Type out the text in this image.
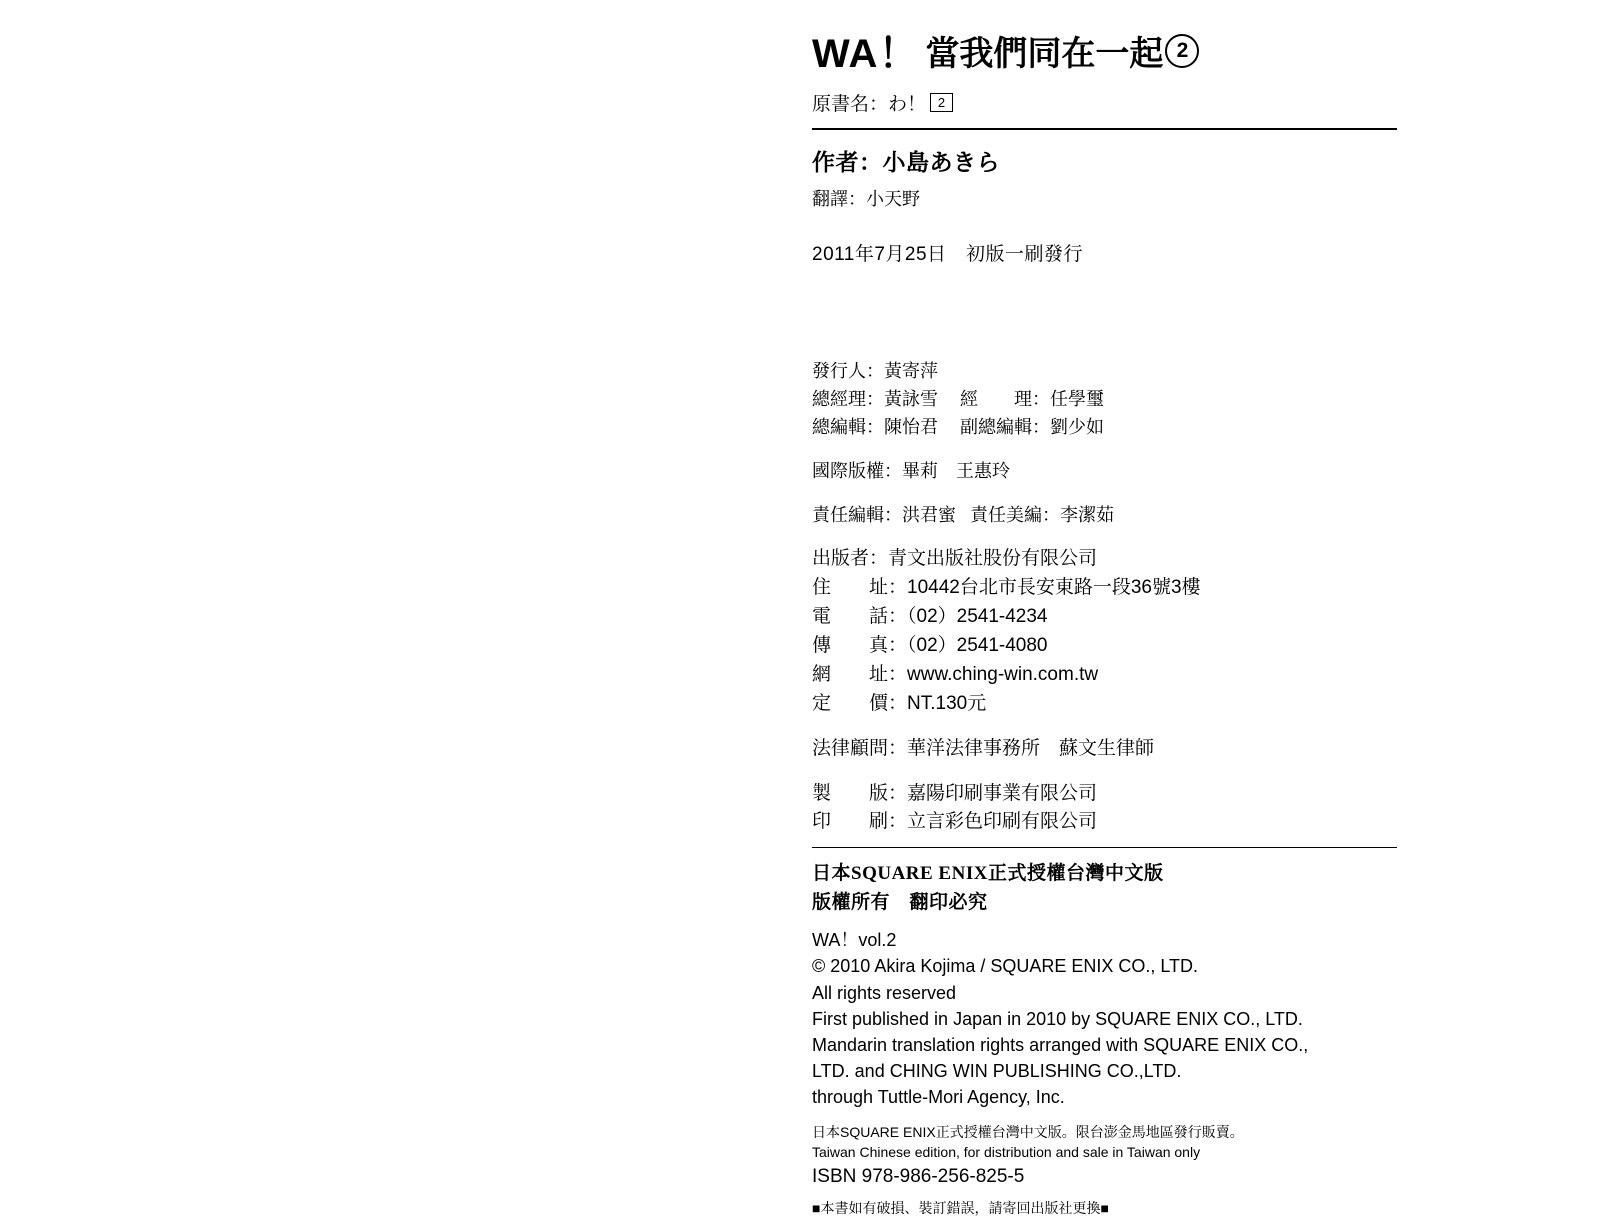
WA！ 當我們同在一起 2
原書名：わ！ 2
作者：小島あきら
翻譯：小天野
2011年7月25日　初版一刷發行
發行人：黃寄萍
總經理：黃詠雪 經　　理：任學璽
總編輯：陳怡君 副總編輯：劉少如
國際版權：畢莉　王惠玲
責任編輯：洪君蜜 責任美編：李潔茹
出版者：青文出版社股份有限公司
住　　址：10442台北市長安東路一段36號3樓
電　　話：（02）2541-4234
傳　　真：（02）2541-4080
網　　址：www.ching-win.com.tw
定　　價：NT.130元
法律顧問：華洋法律事務所　蘇文生律師
製　　版：嘉陽印刷事業有限公司
印　　刷：立言彩色印刷有限公司
日本SQUARE ENIX正式授權台灣中文版
版權所有　翻印必究
WA！vol.2
© 2010 Akira Kojima / SQUARE ENIX CO., LTD.
All rights reserved
First published in Japan in 2010 by SQUARE ENIX CO., LTD.
Mandarin translation rights arranged with SQUARE ENIX CO.,
LTD. and CHING WIN PUBLISHING CO.,LTD.
through Tuttle-Mori Agency, Inc.
日本SQUARE ENIX正式授權台灣中文版。限台澎金馬地區發行販賣。
Taiwan Chinese edition, for distribution and sale in Taiwan only
ISBN 978-986-256-825-5
■本書如有破損、裝訂錯誤，請寄回出版社更換■
